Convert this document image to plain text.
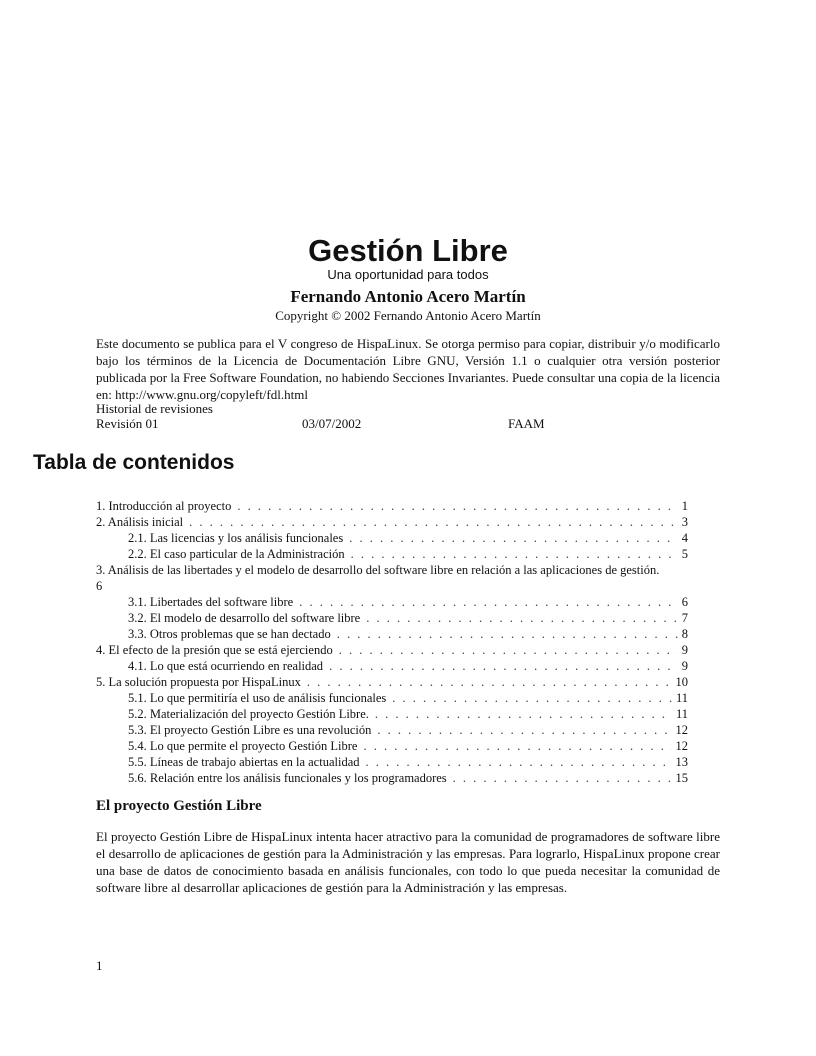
Gestión Libre
Una oportunidad para todos
Fernando Antonio Acero Martín
Copyright © 2002 Fernando Antonio Acero Martín

Este documento se publica para el V congreso de HispaLinux. Se otorga permiso para copiar, distribuir y/o modificarlo bajo los términos de la Licencia de Documentación Libre GNU, Versión 1.1 o cualquier otra versión posterior publicada por la Free Software Foundation, no habiendo Secciones Invariantes. Puede consultar una copia de la licencia en: http://www.gnu.org/copyleft/fdl.html

Historial de revisiones
Revisión 01	03/07/2002	FAAM
Tabla de contenidos
1. Introducción al proyecto . . .	1
2. Análisis inicial . . .	3
2.1. Las licencias y los análisis funcionales . . .	4
2.2. El caso particular de la Administración . . .	5
3. Análisis de las libertades y el modelo de desarrollo del software libre en relación a las aplicaciones de gestión.
6
3.1. Libertades del software libre . . .	6
3.2. El modelo de desarrollo del software libre . . .	7
3.3. Otros problemas que se han dectado . . .	8
4. El efecto de la presión que se está ejerciendo . . .	9
4.1. Lo que está ocurriendo en realidad . . .	9
5. La solución propuesta por HispaLinux . . .	10
5.1. Lo que permitiría el uso de análisis funcionales . . .	11
5.2. Materialización del proyecto Gestión Libre. . . .	11
5.3. El proyecto Gestión Libre es una revolución . . .	12
5.4. Lo que permite el proyecto Gestión Libre . . .	12
5.5. Líneas de trabajo abiertas en la actualidad . . .	13
5.6. Relación entre los análisis funcionales y los programadores . . .	15
El proyecto Gestión Libre

El proyecto Gestión Libre de HispaLinux intenta hacer atractivo para la comunidad de programadores de software libre el desarrollo de aplicaciones de gestión para la Administración y las empresas. Para lograrlo, HispaLinux propone crear una base de datos de conocimiento basada en análisis funcionales, con todo lo que pueda necesitar la comunidad de software libre al desarrollar aplicaciones de gestión para la Administración y las empresas.

1
